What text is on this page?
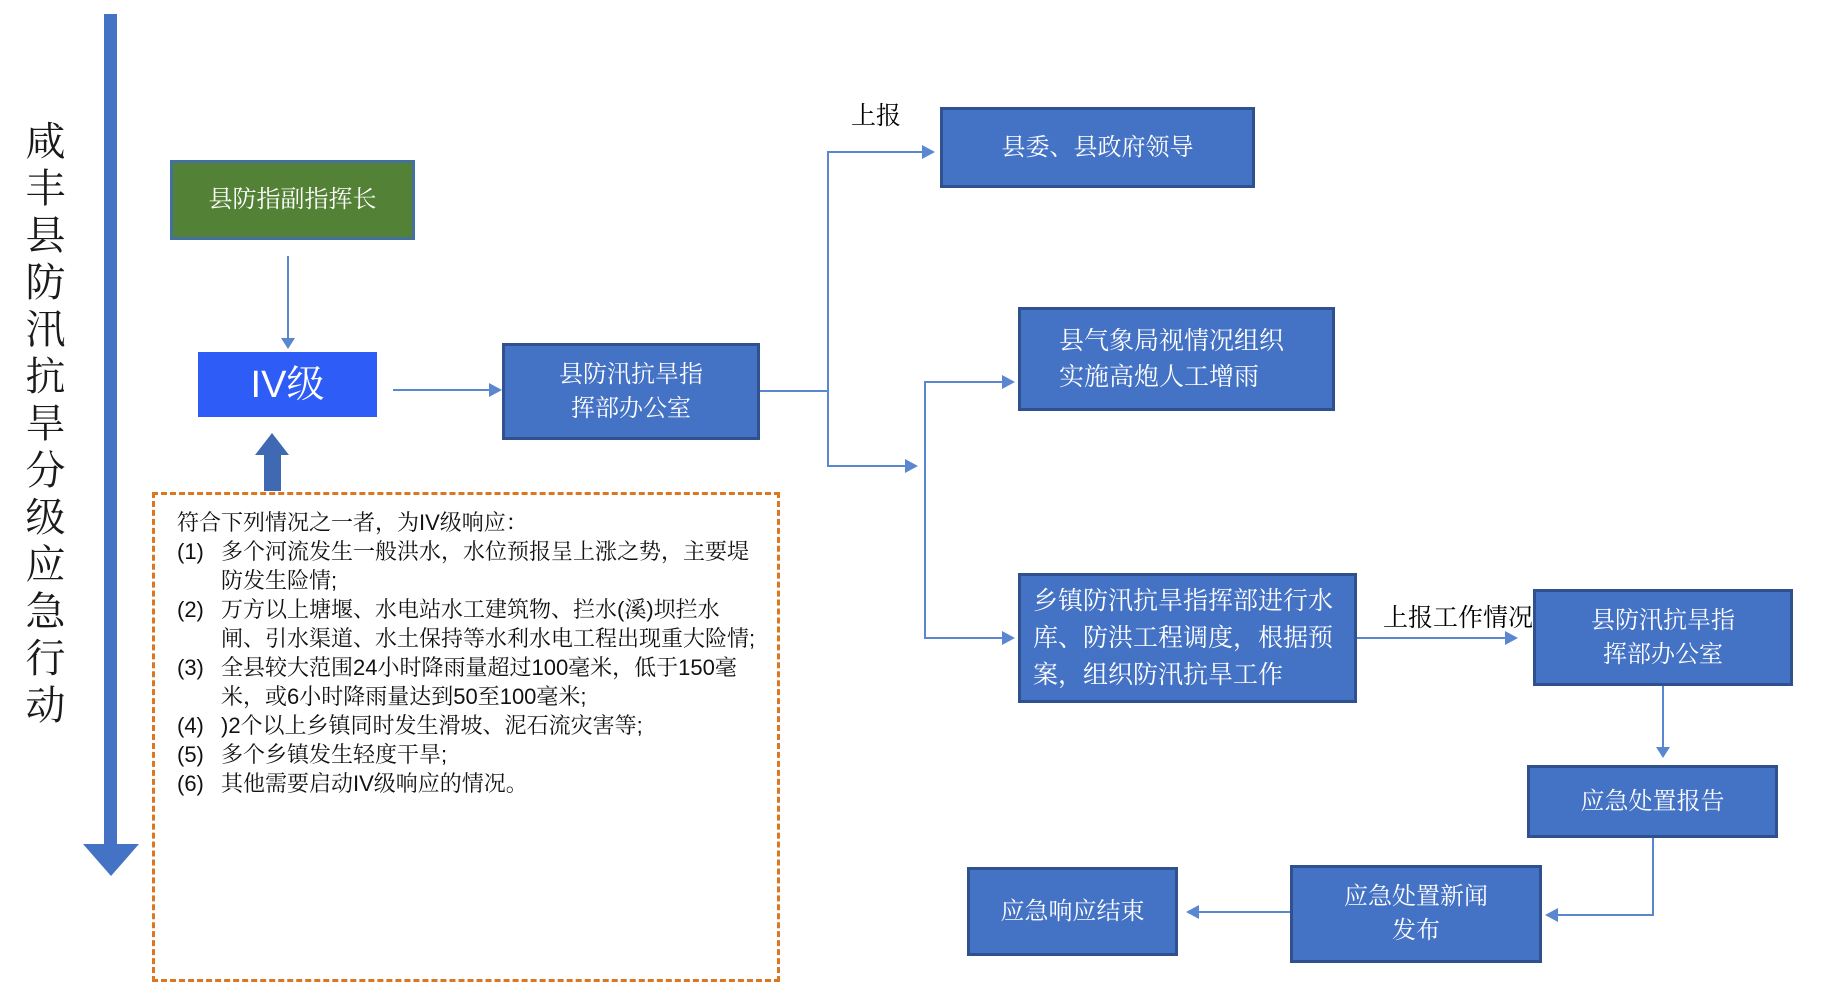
咸丰县防汛抗旱分级应急行动	县防指副指挥长
IV级
符合下列情况之一者，为IV级响应：
(1) 多个河流发生一般洪水，水位预报呈上涨之势，主要堤防发生险情;
(2) 万方以上塘堰、水电站水工建筑物、拦水(溪)坝拦水闸、引水渠道、水土保持等水利水电工程出现重大险情;
(3) 全县较大范围24小时降雨量超过100毫米，低于150毫米，或6小时降雨量达到50至100毫米;
(4) )2个以上乡镇同时发生滑坡、泥石流灾害等;
(5) 多个乡镇发生轻度干旱;
(6) 其他需要启动IV级响应的情况。
县防汛抗旱指
挥部办公室
上报
县委、县政府领导
县气象局视情况组织
实施高炮人工增雨
乡镇防汛抗旱指挥部进行水
库、防洪工程调度，根据预
案，组织防汛抗旱工作
上报工作情况	县防汛抗旱指
挥部办公室
应急处置报告
应急处置新闻
发布
应急响应结束
